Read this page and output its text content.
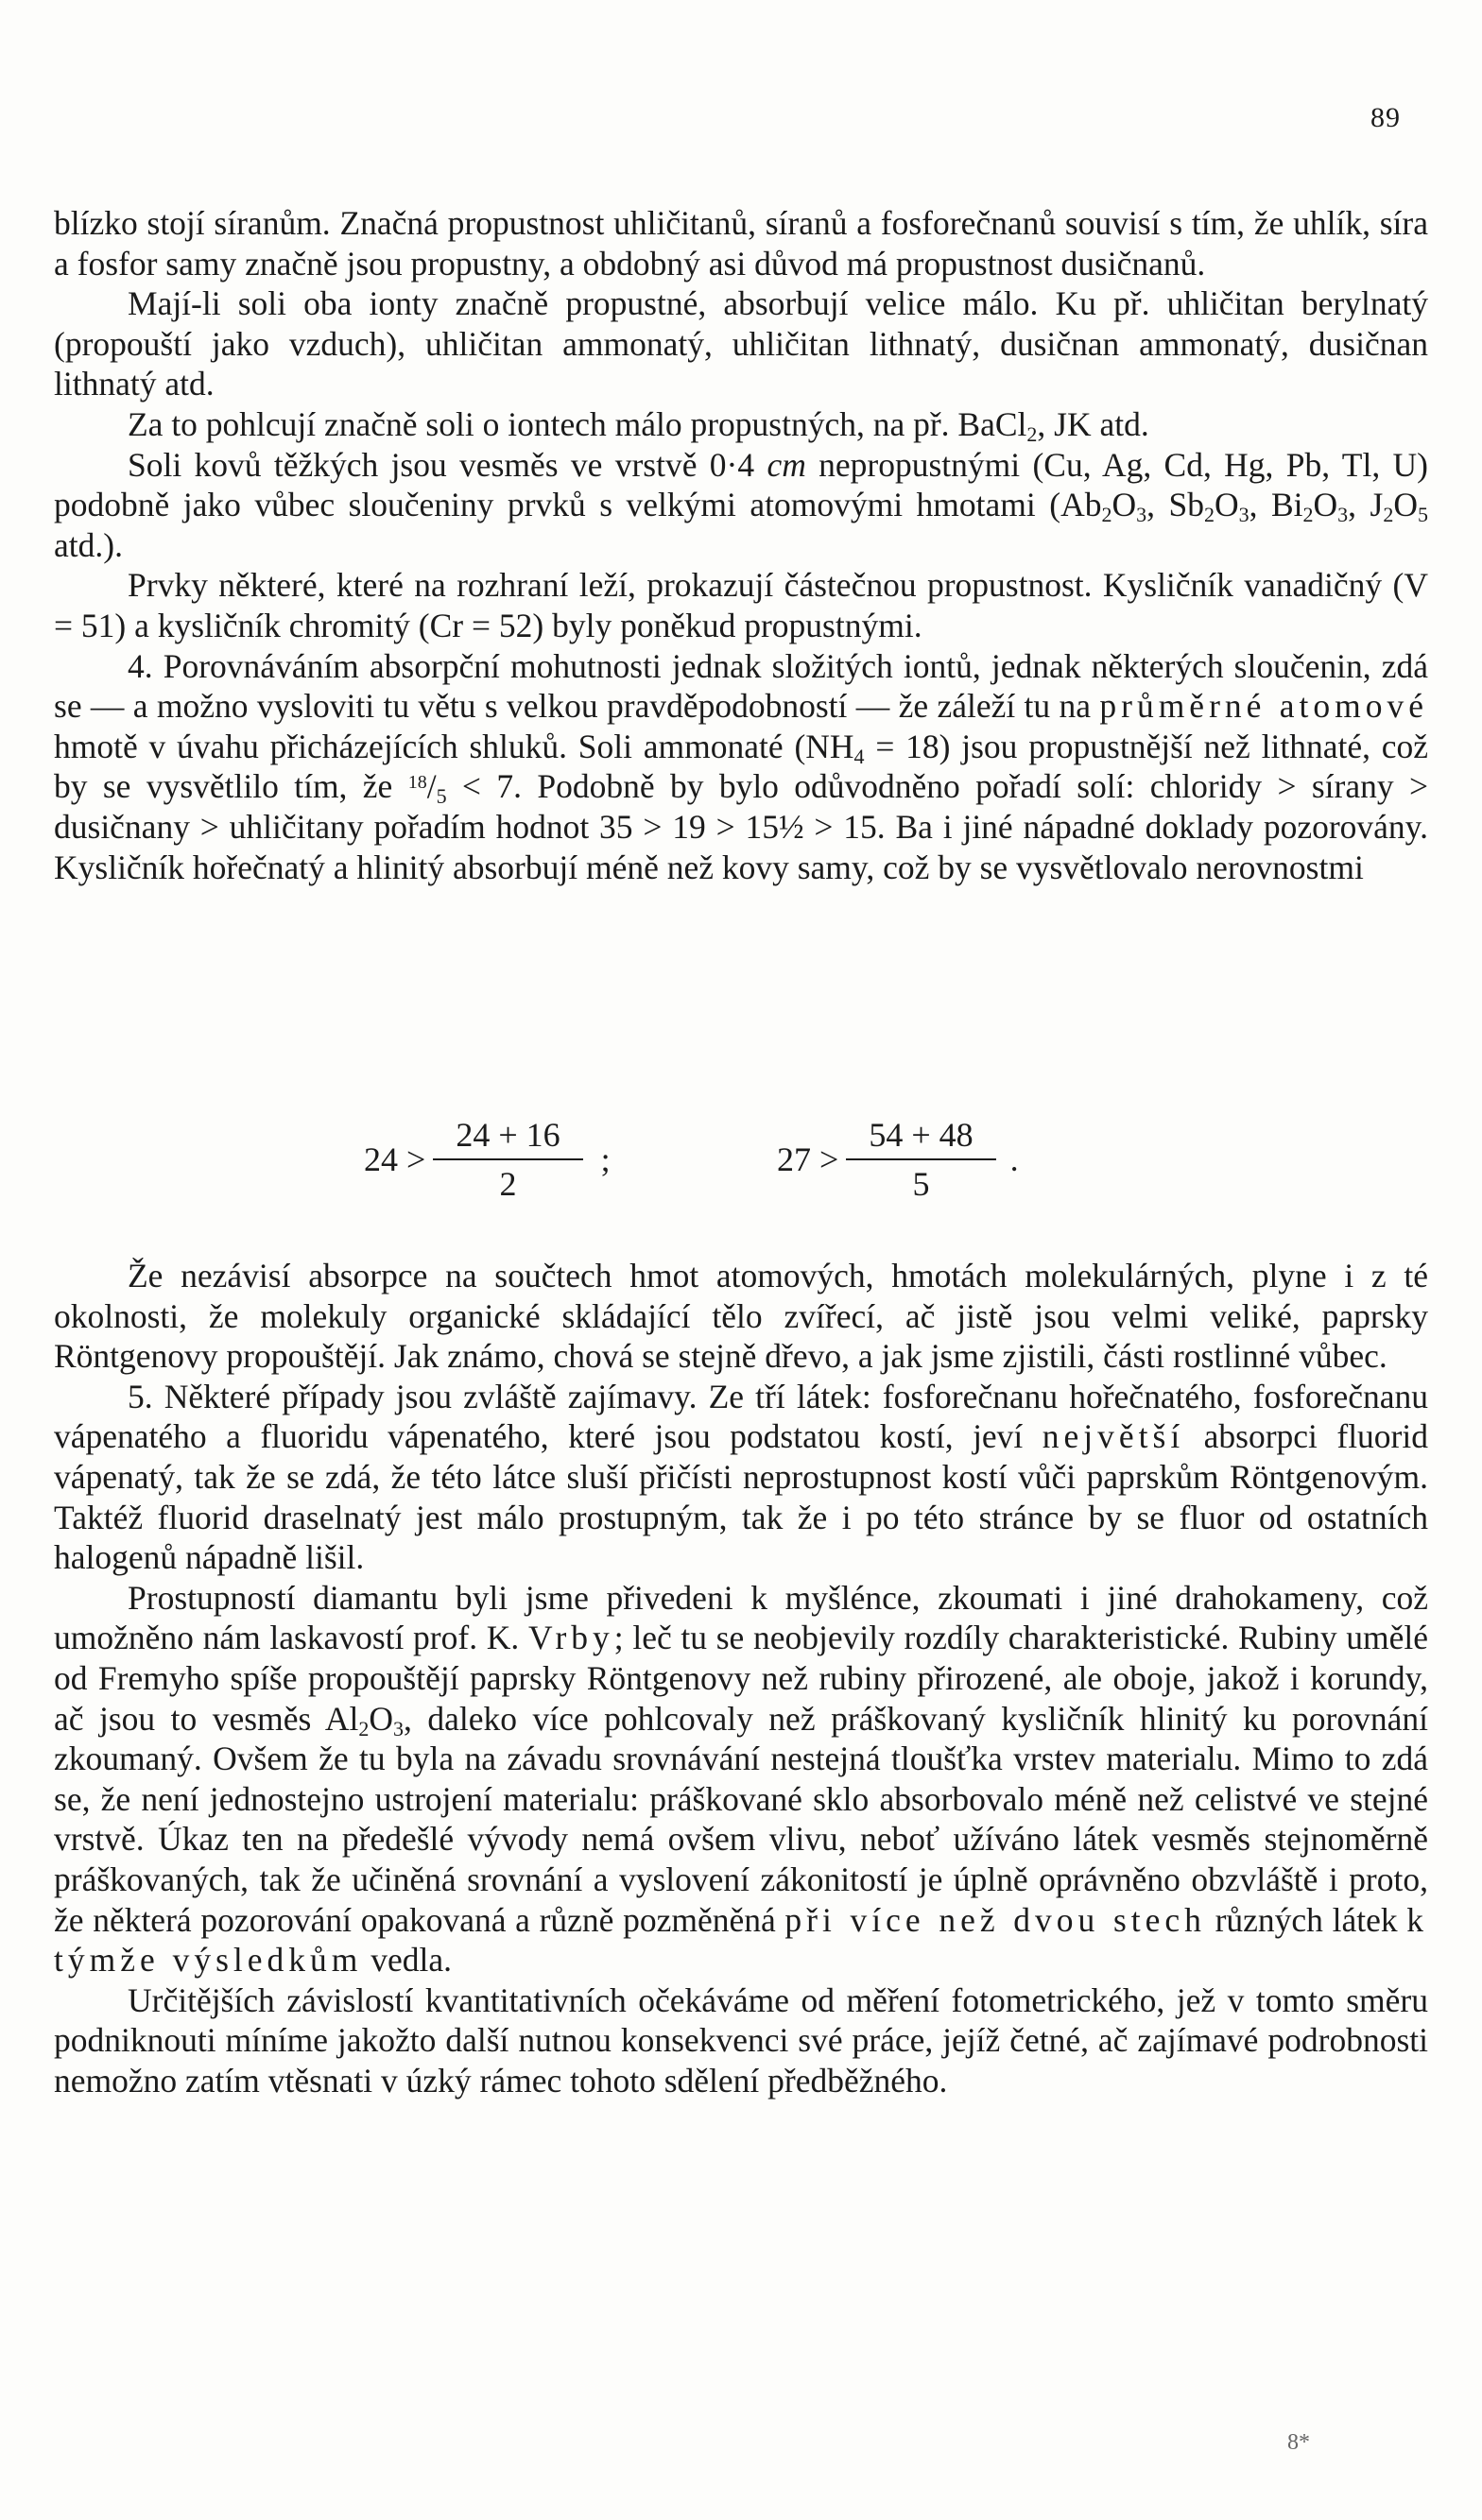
89

blízko stojí síranům. Značná propustnost uhličitanů, síranů a fosforečnanů souvisí s tím, že uhlík, síra a fosfor samy značně jsou propustny, a obdobný asi důvod má propustnost dusičnanů.

Mají-li soli oba ionty značně propustné, absorbují velice málo. Ku př. uhličitan berylnatý (propouští jako vzduch), uhličitan ammonatý, uhličitan lithnatý, dusičnan ammonatý, dusičnan lithnatý atd.

Za to pohlcují značně soli o iontech málo propustných, na př. BaCl$_2$, JK atd.

Soli kovů těžkých jsou vesměs ve vrstvě 0·4 cm nepropustnými (Cu, Ag, Cd, Hg, Pb, Tl, U) podobně jako vůbec sloučeniny prvků s velkými atomovými hmotami ($Ab_2O_3$, $Sb_2O_3$, $Bi_2O_3$, $J_2O_5$ atd.).

Prvky některé, které na rozhraní leží, prokazují částečnou propustnost. Kysličník vanadičný (V = 51) a kysličník chromitý (Cr = 52) byly poněkud propustnými.

4. Porovnáváním absorpční mohutnosti jednak složitých iontů, jednak některých sloučenin, zdá se — a možno vysloviti tu větu s velkou pravděpodobností — že záleží tu na průměrné atomové hmotě v úvahu přicházejících shluků. Soli ammonaté $(NH_4 = 18)$ jsou propustnější než lithnaté, což by se vysvětlilo tím, že $^{18}/_5 < 7$. Podobně by bylo odůvodněno pořadí solí: chloridy > sírany > dusičnany > uhličitany pořadím hodnot 35 > 19 > 15½ > 15. Ba i jiné nápadné doklady pozorovány. Kysličník hořečnatý a hlinitý absorbují méně než kovy samy, což by se vysvětlovalo nerovnostmi

$24 > \frac{24 + 16}{2}$ ;	$27 > \frac{54 + 48}{5}$ .

Že nezávisí absorpce na součtech hmot atomových, hmotách molekulárných, plyne i z té okolnosti, že molekuly organické skládající tělo zvířecí, ač jistě jsou velmi veliké, paprsky Röntgenovy propouštějí. Jak známo, chová se stejně dřevo, a jak jsme zjistili, části rostlinné vůbec.

5. Některé případy jsou zvláště zajímavy. Ze tří látek: fosforečnanu hořečnatého, fosforečnanu vápenatého a fluoridu vápenatého, které jsou podstatou kostí, jeví největší absorpci fluorid vápenatý, tak že se zdá, že této látce sluší přičísti neprostupnost kostí vůči paprskům Röntgenovým. Taktéž fluorid draselnatý jest málo prostupným, tak že i po této stránce by se fluor od ostatních halogenů nápadně lišil.

Prostupností diamantu byli jsme přivedeni k myšlénce, zkoumati i jiné drahokameny, což umožněno nám laskavostí prof. K. Vrby; leč tu se neobjevily rozdíly charakteristické. Rubiny umělé od Fremyho spíše propouštějí paprsky Röntgenovy než rubiny přirozené, ale oboje, jakož i korundy, ač jsou to vesměs $Al_2O_3$, daleko více pohlcovaly než práškovaný kysličník hlinitý ku porovnání zkoumaný. Ovšem že tu byla na závadu srovnávání nestejná tloušťka vrstev materialu. Mimo to zdá se, že není jednostejno ustrojení materialu: práškované sklo absorbovalo méně než celistvé ve stejné vrstvě. Úkaz ten na předešlé vývody nemá ovšem vlivu, neboť užíváno látek vesměs stejnoměrně práškovaných, tak že učiněná srovnání a vyslovení zákonitostí je úplně oprávněno obzvláště i proto, že některá pozorování opakovaná a různě pozměněná při více než dvou stech různých látek k týmže výsledkům vedla.

Určitějších závislostí kvantitativních očekáváme od měření fotometrického, jež v tomto směru podniknouti míníme jakožto další nutnou konsekvenci své práce, jejíž četné, ač zajímavé podrobnosti nemožno zatím vtěsnati v úzký rámec tohoto sdělení předběžného.

8*
